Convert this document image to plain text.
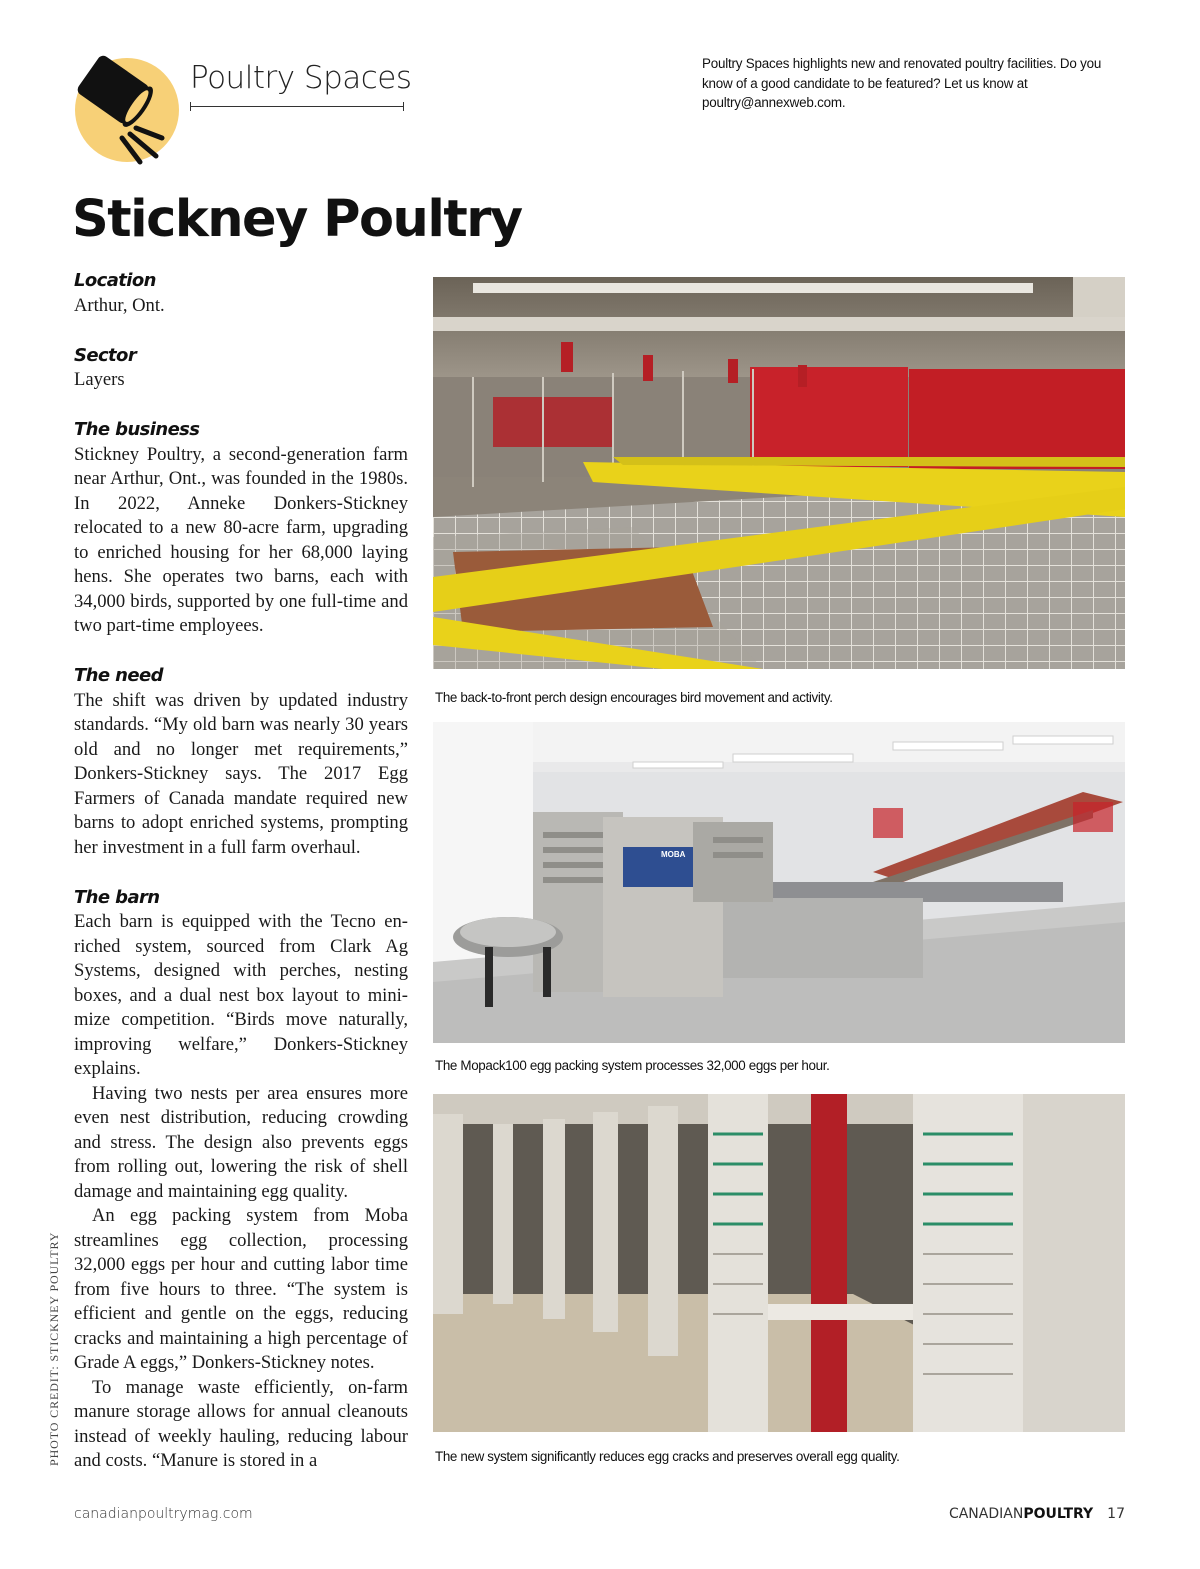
Poultry Spaces	Poultry Spaces highlights new and renovated poultry facilities. Do you know of a good candidate to be featured? Let us know at poultry@annexweb.com.
Stickney Poultry
Location

Arthur, Ont.

Sector

Layers

The business

Stickney Poultry, a second-generation farm near Arthur, Ont., was founded in the 1980s. In 2022, Anneke Donkers-Stickney relocated to a new 80-acre farm, upgrading to enriched housing for her 68,000 laying hens. She operates two barns, each with 34,000 birds, supported by one full-time and two part-time employees.

The need

The shift was driven by updated industry standards. “My old barn was nearly 30 years old and no longer met requirements,” Donkers-Stickney says. The 2017 Egg Farmers of Canada mandate required new barns to adopt enriched systems, prompting her investment in a full farm overhaul.

The barn

Each barn is equipped with the Tecno enriched system, sourced from Clark Ag Systems, designed with perches, nesting boxes, and a dual nest box layout to minimize competition. “Birds move naturally, improving welfare,” Donkers-Stickney explains.

Having two nests per area ensures more even nest distribution, reducing crowding and stress. The design also prevents eggs from rolling out, lowering the risk of shell damage and maintaining egg quality.

An egg packing system from Moba streamlines egg collection, processing 32,000 eggs per hour and cutting labor time from five hours to three. “The system is efficient and gentle on the eggs, reducing cracks and maintaining a high percentage of Grade A eggs,” Donkers-Stickney notes.

To manage waste efficiently, on-farm manure storage allows for annual cleanouts instead of weekly hauling, reducing labour and costs. “Manure is stored in a

The back-to-front perch design encourages bird movement and activity.
MOBA
The Mopack100 egg packing system processes 32,000 eggs per hour.
The new system significantly reduces egg cracks and preserves overall egg quality.
PHOTO CREDIT: STICKNEY POULTRY
canadianpoultrymag.com	CANADIANPOULTRY 17
